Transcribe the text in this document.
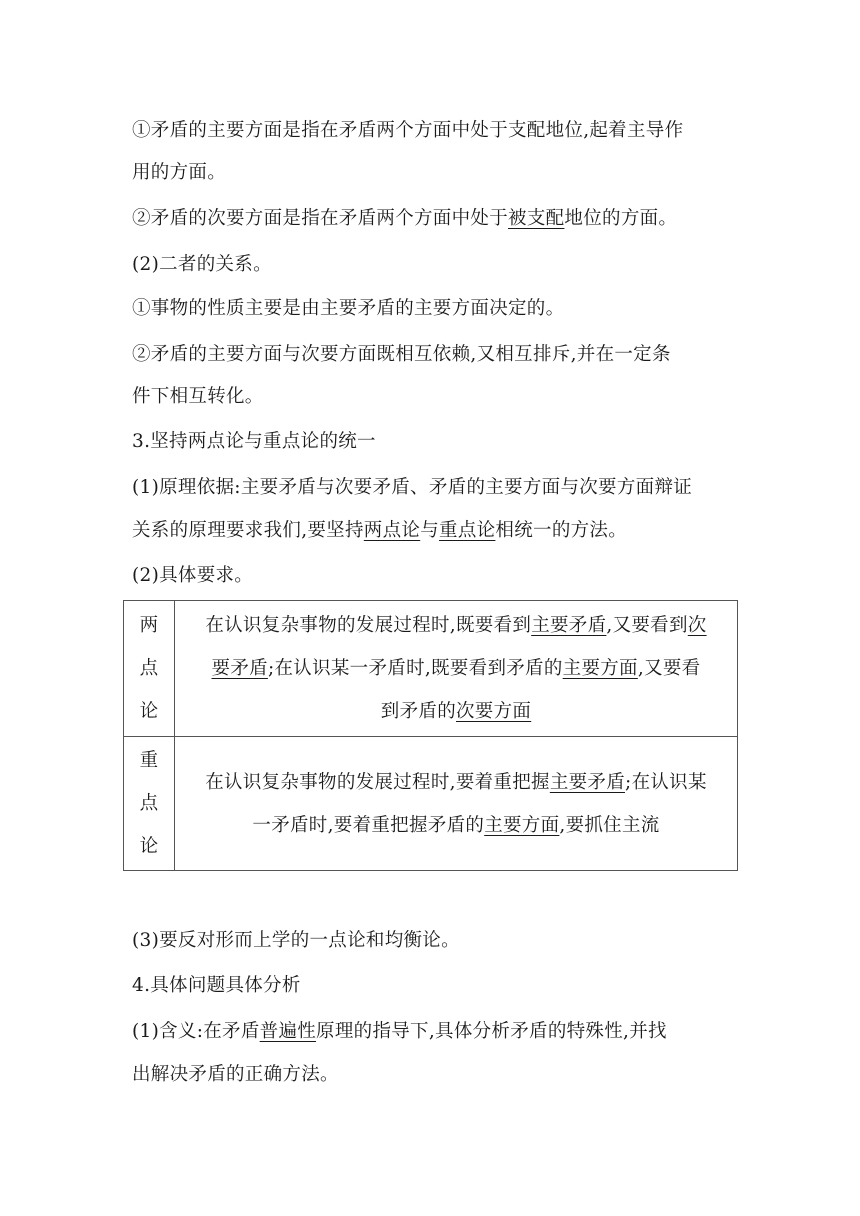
①矛盾的主要方面是指在矛盾两个方面中处于支配地位,起着主导作
用的方面。
②矛盾的次要方面是指在矛盾两个方面中处于被支配地位的方面。
(2)二者的关系。
①事物的性质主要是由主要矛盾的主要方面决定的。
②矛盾的主要方面与次要方面既相互依赖,又相互排斥,并在一定条
件下相互转化。
3.坚持两点论与重点论的统一
(1)原理依据:主要矛盾与次要矛盾、矛盾的主要方面与次要方面辩证
关系的原理要求我们,要坚持两点论与重点论相统一的方法。
(2)具体要求。
两
点
论	在认识复杂事物的发展过程时,既要看到主要矛盾,又要看到次
要矛盾;在认识某一矛盾时,既要看到矛盾的主要方面,又要看
到矛盾的次要方面

重
点
论	在认识复杂事物的发展过程时,要着重把握主要矛盾;在认识某
一矛盾时,要着重把握矛盾的主要方面,要抓住主流
(3)要反对形而上学的一点论和均衡论。
4.具体问题具体分析
(1)含义:在矛盾普遍性原理的指导下,具体分析矛盾的特殊性,并找
出解决矛盾的正确方法。
